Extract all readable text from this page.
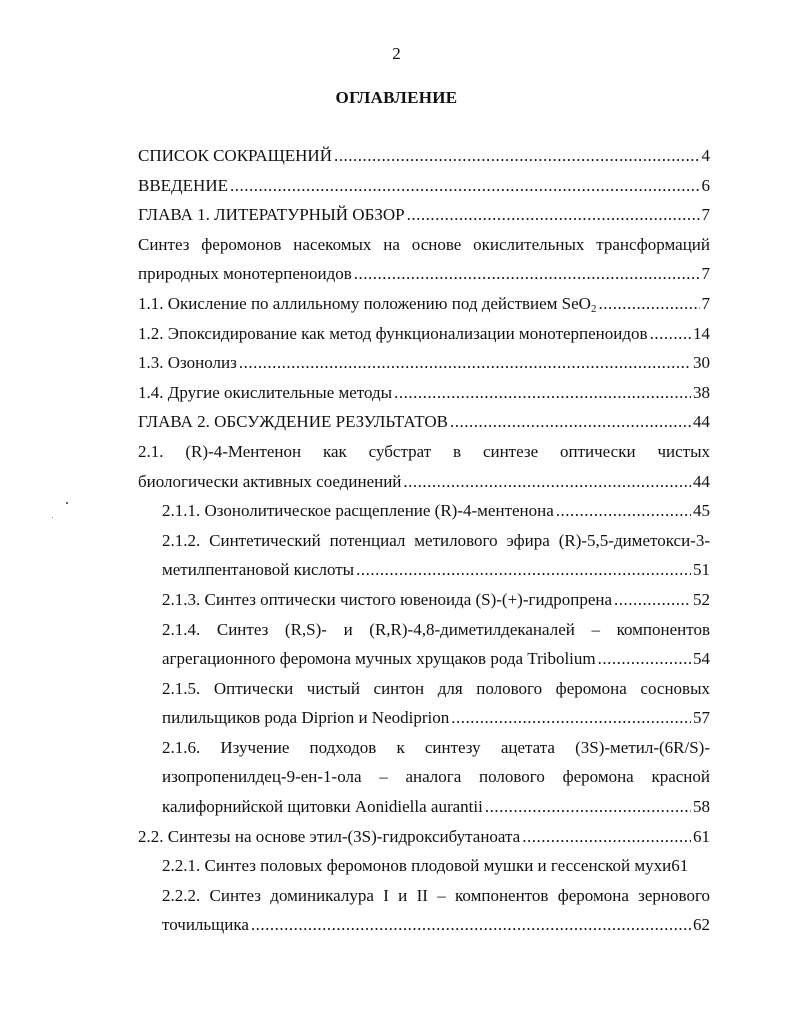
2
ОГЛАВЛЕНИЕ
СПИСОК СОКРАЩЕНИЙ .....	4
ВВЕДЕНИЕ .....	6
ГЛАВА 1. ЛИТЕРАТУРНЫЙ ОБЗОР .....	7
Синтез феромонов насекомых на основе окислительных трансформаций
природных монотерпеноидов .....	7
1.1. Окисление по аллильному положению под действием SeO$_2$ .....	7
1.2. Эпоксидирование как метод функционализации монотерпеноидов .....	14
1.3. Озонолиз .....	30
1.4. Другие окислительные методы .....	38
ГЛАВА 2. ОБСУЖДЕНИЕ РЕЗУЛЬТАТОВ .....	44
2.1. (R)-4-Ментенон как субстрат в синтезе оптически чистых
биологически активных соединений .....	44
2.1.1. Озонолитическое расщепление (R)-4-ментенона .....	45
2.1.2. Синтетический потенциал метилового эфира (R)-5,5-диметокси-3-
метилпентановой кислоты .....	51
2.1.3. Синтез оптически чистого ювеноида (S)-(+)-гидропрена .....	52
2.1.4. Синтез (R,S)- и (R,R)-4,8-диметилдеканалей – компонентов
агрегационного феромона мучных хрущаков рода Tribolium .....	54
2.1.5. Оптически чистый синтон для полового феромона сосновых
пилильщиков рода Diprion и Neodiprion .....	57
2.1.6. Изучение подходов к синтезу ацетата (3S)-метил-(6R/S)-
изопропенилдец-9-ен-1-ола – аналога полового феромона красной
калифорнийской щитовки Aonidiella aurantii .....	58
2.2. Синтезы на основе этил-(3S)-гидроксибутаноата .....	61
2.2.1. Синтез половых феромонов плодовой мушки и гессенской мухи 61
2.2.2. Синтез доминикалура I и II – компонентов феромона зернового
точильщика .....	62
